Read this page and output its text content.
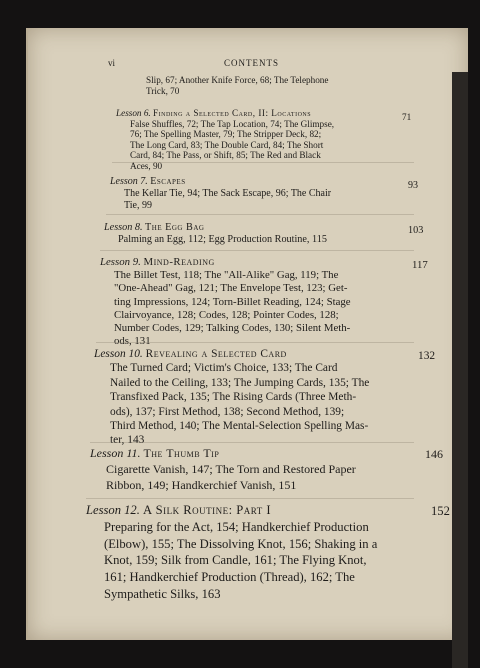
vi	CONTENTS
Slip, 67; Another Knife Force, 68; The Telephone
Trick, 70
Lesson 6. Finding a Selected Card, II: Locations	71
False Shuffles, 72; The Tap Location, 74; The Glimpse,
76; The Spelling Master, 79; The Stripper Deck, 82;
The Long Card, 83; The Double Card, 84; The Short
Card, 84; The Pass, or Shift, 85; The Red and Black
Aces, 90
Lesson 7. Escapes	93
The Kellar Tie, 94; The Sack Escape, 96; The Chair
Tie, 99
Lesson 8. The Egg Bag	103
Palming an Egg, 112; Egg Production Routine, 115
Lesson 9. Mind-Reading	117
The Billet Test, 118; The "All-Alike" Gag, 119; The
"One-Ahead" Gag, 121; The Envelope Test, 123; Get-
ting Impressions, 124; Torn-Billet Reading, 124; Stage
Clairvoyance, 128; Codes, 128; Pointer Codes, 128;
Number Codes, 129; Talking Codes, 130; Silent Meth-
ods, 131
Lesson 10. Revealing a Selected Card	132
The Turned Card; Victim's Choice, 133; The Card
Nailed to the Ceiling, 133; The Jumping Cards, 135; The
Transfixed Pack, 135; The Rising Cards (Three Meth-
ods), 137; First Method, 138; Second Method, 139;
Third Method, 140; The Mental-Selection Spelling Mas-
ter, 143
Lesson 11. The Thumb Tip	146
Cigarette Vanish, 147; The Torn and Restored Paper
Ribbon, 149; Handkerchief Vanish, 151
Lesson 12. A Silk Routine: Part I	152
Preparing for the Act, 154; Handkerchief Production
(Elbow), 155; The Dissolving Knot, 156; Shaking in a
Knot, 159; Silk from Candle, 161; The Flying Knot,
161; Handkerchief Production (Thread), 162; The
Sympathetic Silks, 163
